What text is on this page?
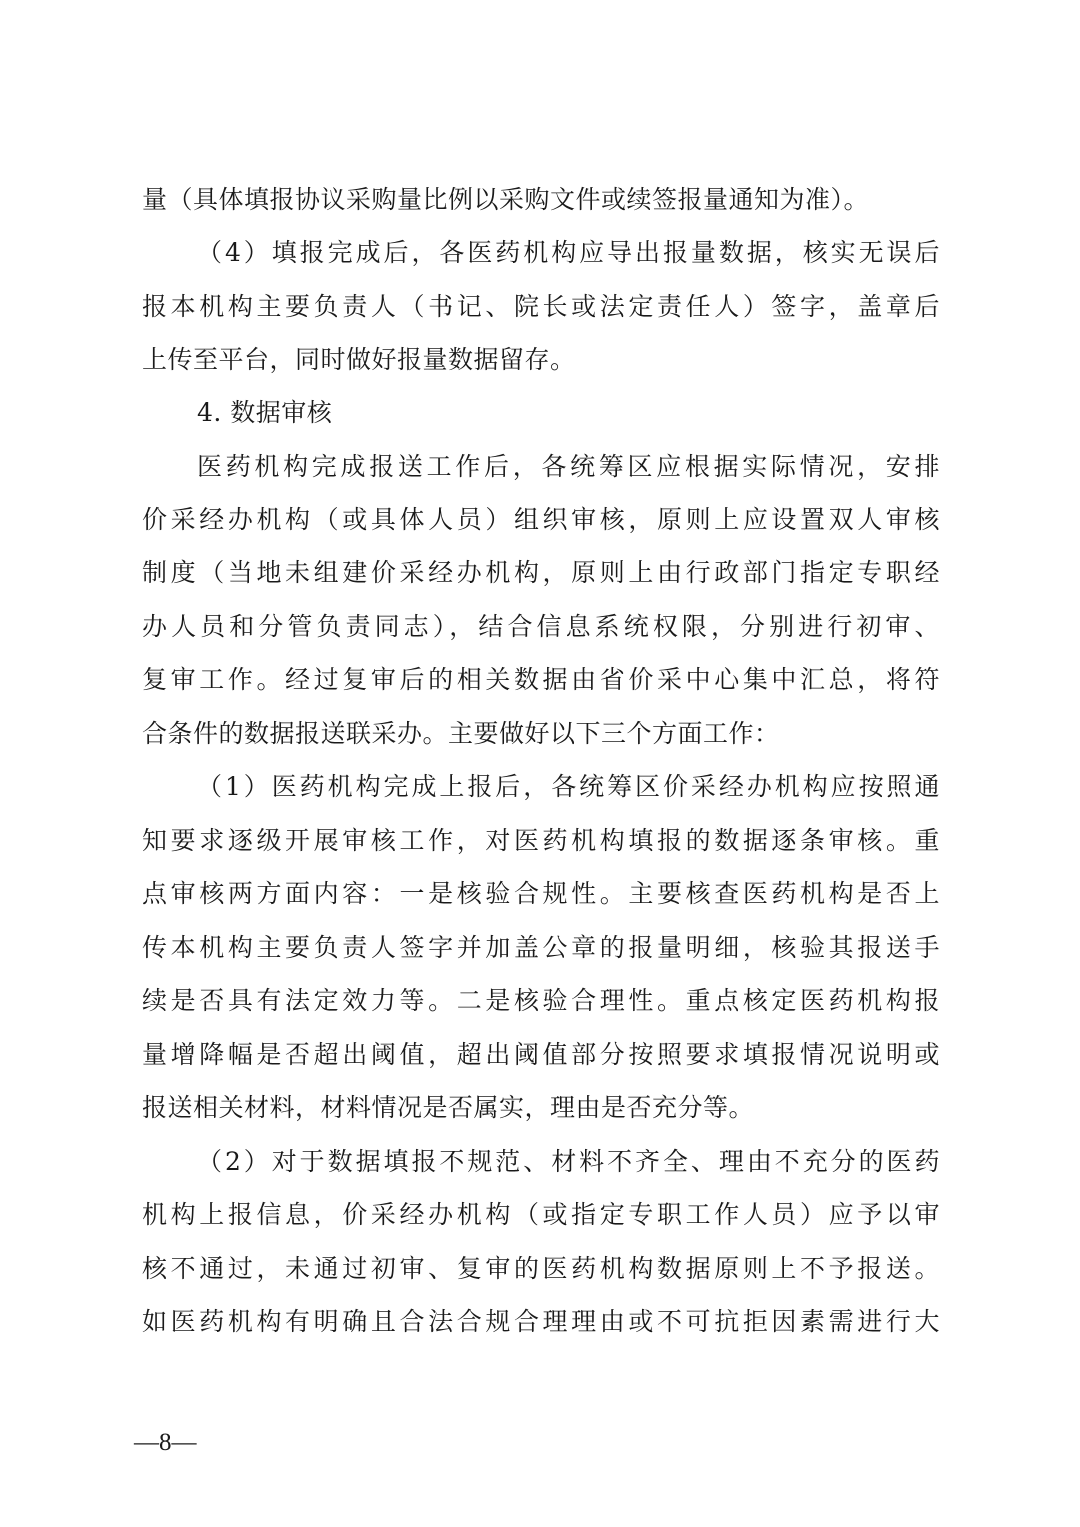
量（具体填报协议采购量比例以采购文件或续签报量通知为准）。
（4）填报完成后，各医药机构应导出报量数据，核实无误后
报本机构主要负责人（书记、院长或法定责任人）签字，盖章后
上传至平台，同时做好报量数据留存。
4. 数据审核
医药机构完成报送工作后，各统筹区应根据实际情况，安排
价采经办机构（或具体人员）组织审核，原则上应设置双人审核
制度（当地未组建价采经办机构，原则上由行政部门指定专职经
办人员和分管负责同志），结合信息系统权限，分别进行初审、
复审工作。经过复审后的相关数据由省价采中心集中汇总，将符
合条件的数据报送联采办。主要做好以下三个方面工作：
（1）医药机构完成上报后，各统筹区价采经办机构应按照通
知要求逐级开展审核工作，对医药机构填报的数据逐条审核。重
点审核两方面内容：一是核验合规性。主要核查医药机构是否上
传本机构主要负责人签字并加盖公章的报量明细，核验其报送手
续是否具有法定效力等。二是核验合理性。重点核定医药机构报
量增降幅是否超出阈值，超出阈值部分按照要求填报情况说明或
报送相关材料，材料情况是否属实，理由是否充分等。
（2）对于数据填报不规范、材料不齐全、理由不充分的医药
机构上报信息，价采经办机构（或指定专职工作人员）应予以审
核不通过，未通过初审、复审的医药机构数据原则上不予报送。
如医药机构有明确且合法合规合理理由或不可抗拒因素需进行大
—8—
